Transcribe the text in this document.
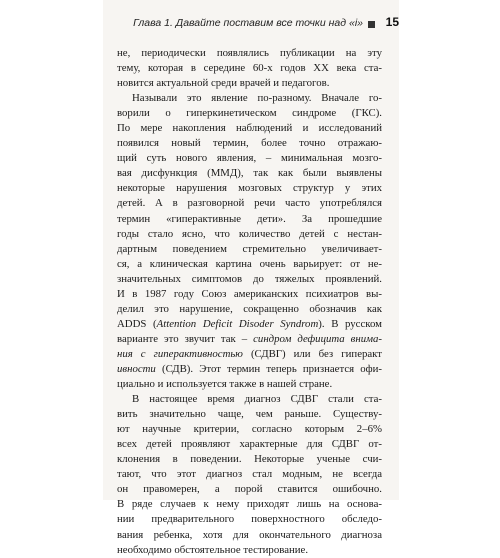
Глава 1. Давайте поставим все точки над «і» 15
не, периодически появлялись публикации на эту
тему, которая в середине 60-х годов XX века ста-
новится актуальной среди врачей и педагогов.
Называли это явление по-разному. Вначале го-
ворили о гиперкинетическом синдроме (ГКС).
По мере накопления наблюдений и исследований
появился новый термин, более точно отражаю-
щий суть нового явления, – минимальная мозго-
вая дисфункция (ММД), так как были выявлены
некоторые нарушения мозговых структур у этих
детей. А в разговорной речи часто употреблялся
термин «гиперактивные дети». За прошедшие
годы стало ясно, что количество детей с нестан-
дартным поведением стремительно увеличивает-
ся, а клиническая картина очень варьирует: от не-
значительных симптомов до тяжелых проявлений.
И в 1987 году Союз американских психиатров вы-
делил это нарушение, сокращенно обозначив как
ADDS (Attention Deficit Disoder Syndrom). В русском
варианте это звучит так – синдром дефицита внима-
ния с гиперактивностью (СДВГ) или без гиперакт
ивности (СДВ). Этот термин теперь признается офи-
циально и используется также в нашей стране.
В настоящее время диагноз СДВГ стали ста-
вить значительно чаще, чем раньше. Существу-
ют научные критерии, согласно которым 2–6%
всех детей проявляют характерные для СДВГ от-
клонения в поведении. Некоторые ученые счи-
тают, что этот диагноз стал модным, не всегда
он правомерен, а порой ставится ошибочно.
В ряде случаев к нему приходят лишь на основа-
нии предварительного поверхностного обследо-
вания ребенка, хотя для окончательного диагноза
необходимо обстоятельное тестирование.
